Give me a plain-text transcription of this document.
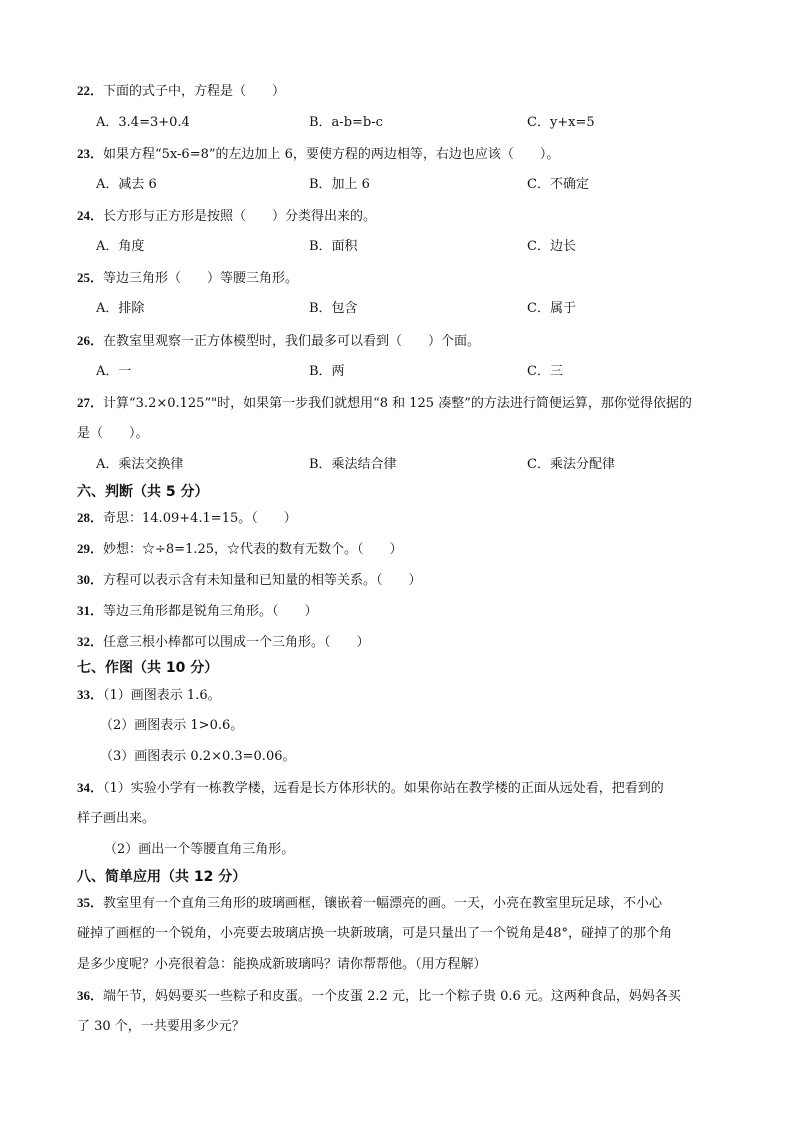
22．下面的式子中，方程是（　　）
A．3.4=3+0.4	B．a-b=b-c	C．y+x=5
23．如果方程“5x-6=8”的左边加上 6，要使方程的两边相等，右边也应该（　　）。
A．减去 6	B．加上 6	C．不确定
24．长方形与正方形是按照（　　）分类得出来的。
A．角度	B．面积	C．边长
25．等边三角形（　　）等腰三角形。
A．排除	B．包含	C．属于
26．在教室里观察一正方体模型时，我们最多可以看到（　　）个面。
A．一	B．两	C．三
27．计算“3.2×0.125”"时，如果第一步我们就想用“8 和 125 凑整”的方法进行简便运算，那你觉得依据的
是（　　）。
A．乘法交换律	B．乘法结合律	C．乘法分配律
六、判断（共 5 分）
28．奇思：14.09+4.1=15。（　　）
29．妙想：☆÷8=1.25，☆代表的数有无数个。（　　）
30．方程可以表示含有未知量和已知量的相等关系。（　　）
31．等边三角形都是锐角三角形。（　　）
32．任意三根小棒都可以围成一个三角形。（　　）
七、作图（共 10 分）
33．（1）画图表示 1.6。
（2）画图表示 1>0.6。
（3）画图表示 0.2×0.3=0.06。
34．（1）实验小学有一栋教学楼，远看是长方体形状的。如果你站在教学楼的正面从远处看，把看到的
样子画出来。
（2）画出一个等腰直角三角形。
八、简单应用（共 12 分）
35．教室里有一个直角三角形的玻璃画框，镶嵌着一幅漂亮的画。一天，小亮在教室里玩足球，不小心
碰掉了画框的一个锐角，小亮要去玻璃店换一块新玻璃，可是只量出了一个锐角是48°，碰掉了的那个角
是多少度呢？小亮很着急：能换成新玻璃吗？请你帮帮他。（用方程解）
36．端午节，妈妈要买一些粽子和皮蛋。一个皮蛋 2.2 元，比一个粽子贵 0.6 元。这两种食品，妈妈各买
了 30 个，一共要用多少元？
